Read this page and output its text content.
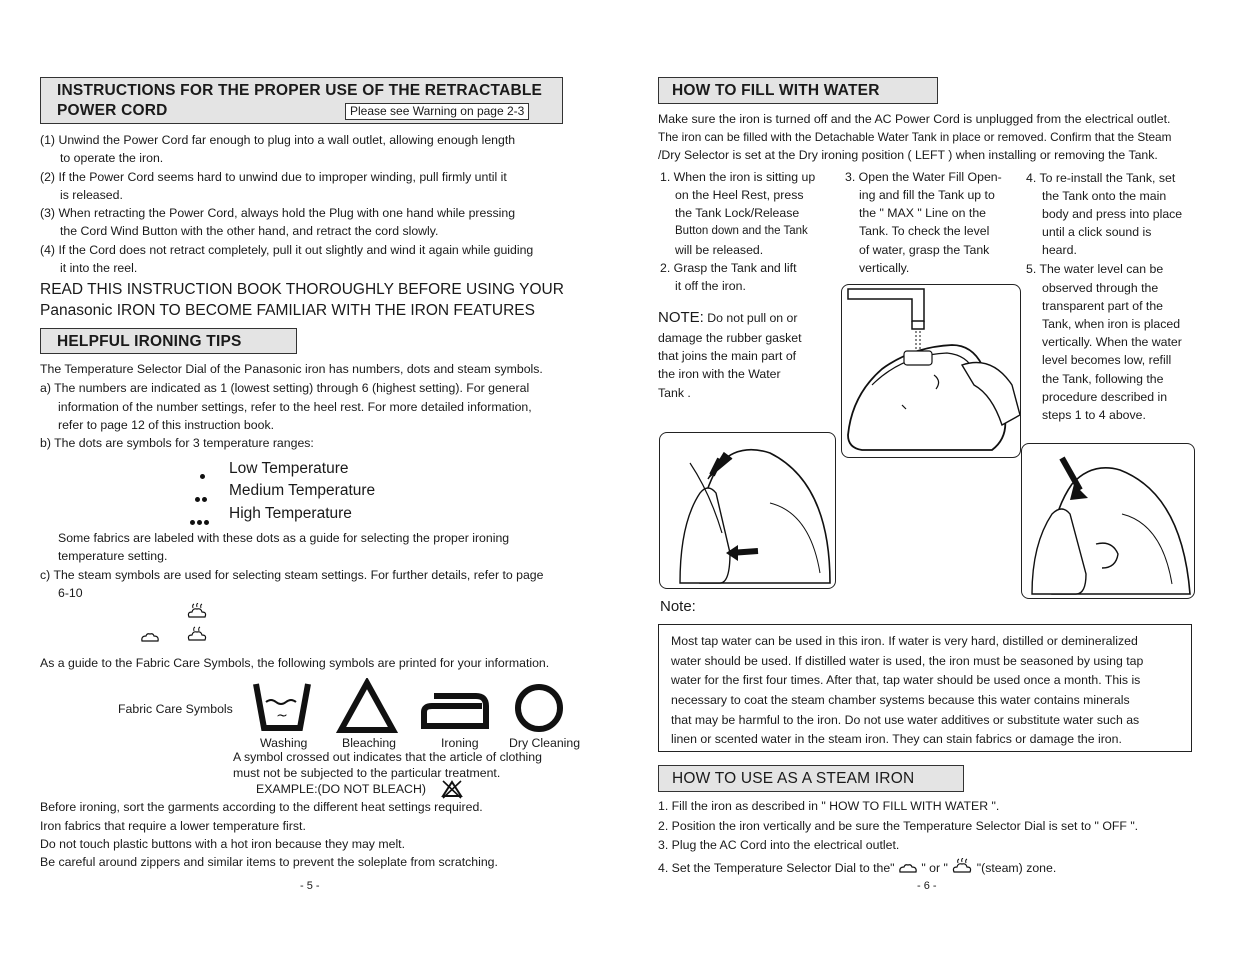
INSTRUCTIONS FOR THE PROPER USE OF THE RETRACTABLE
POWER CORD	Please see Warning on page 2-3
(1) Unwind the Power Cord far enough to plug into a wall outlet, allowing enough length
to operate the iron.
(2) If the Power Cord seems hard to unwind due to improper winding, pull firmly until it
is released.
(3) When retracting the Power Cord, always hold the Plug with one hand while pressing
the Cord Wind Button with the other hand, and retract the cord slowly.
(4) If the Cord does not retract completely, pull it out slightly and wind it again while guiding
it into the reel.
READ THIS INSTRUCTION BOOK THOROUGHLY BEFORE USING YOUR
Panasonic IRON TO BECOME FAMILIAR WITH THE IRON FEATURES
HELPFUL IRONING TIPS
The Temperature Selector Dial of the Panasonic iron has numbers, dots and steam symbols.
a) The numbers are indicated as 1 (lowest setting) through 6 (highest setting). For general
information of the number settings, refer to the heel rest. For more detailed information,
refer to page 12 of this instruction book.
b) The dots are symbols for 3 temperature ranges:
Low Temperature
Medium Temperature
High Temperature
Some fabrics are labeled with these dots as a guide for selecting the proper ironing
temperature setting.
c) The steam symbols are used for selecting steam settings. For further details, refer to page
6-10
As a guide to the Fabric Care Symbols, the following symbols are printed for your information.
Fabric Care Symbols	~
Washing	Bleaching	Ironing Dry Cleaning
A symbol crossed out indicates that the article of clothing
must not be subjected to the particular treatment.
EXAMPLE:(DO NOT BLEACH)
Before ironing, sort the garments according to the different heat settings required.
Iron fabrics that require a lower temperature first.
Do not touch plastic buttons with a hot iron because they may melt.
Be careful around zippers and similar items to prevent the soleplate from scratching.
- 5 -
HOW TO FILL WITH WATER
Make sure the iron is turned off and the AC Power Cord is unplugged from the electrical outlet.
The iron can be filled with the Detachable Water Tank in place or removed. Confirm that the Steam
/Dry Selector is set at the Dry ironing position ( LEFT ) when installing or removing the Tank.
1. When the iron is sitting up
on the Heel Rest, press
the Tank Lock/Release
Button down and the Tank
will be released.
2. Grasp the Tank and lift
it off the iron.
3. Open the Water Fill Open-
ing and fill the Tank up to
the " MAX " Line on the
Tank. To check the level
of water, grasp the Tank
vertically.
4. To re-install the Tank, set
the Tank onto the main
body and press into place
until a click sound is
heard.
5. The water level can be
observed through the
transparent part of the
Tank, when iron is placed
vertically. When the water
level becomes low, refill
the Tank, following the
procedure described in
steps 1 to 4 above.
NOTE: Do not pull on or
damage the rubber gasket
that joins the main part of
the iron with the Water
Tank .
Note:
Most tap water can be used in this iron. If water is very hard, distilled or demineralized
water should be used. If distilled water is used, the iron must be seasoned by using tap
water for the first four times. After that, tap water should be used once a month. This is
necessary to coat the steam chamber systems because this water contains minerals
that may be harmful to the iron. Do not use water additives or substitute water such as
linen or scented water in the steam iron. They can stain fabrics or damage the iron.
HOW TO USE AS A STEAM IRON
1. Fill the iron as described in " HOW TO FILL WITH WATER ".
2. Position the iron vertically and be sure the Temperature Selector Dial is set to " OFF ".
3. Plug the AC Cord into the electrical outlet.
4. Set the Temperature Selector Dial to the" " or " "(steam) zone.
- 6 -
